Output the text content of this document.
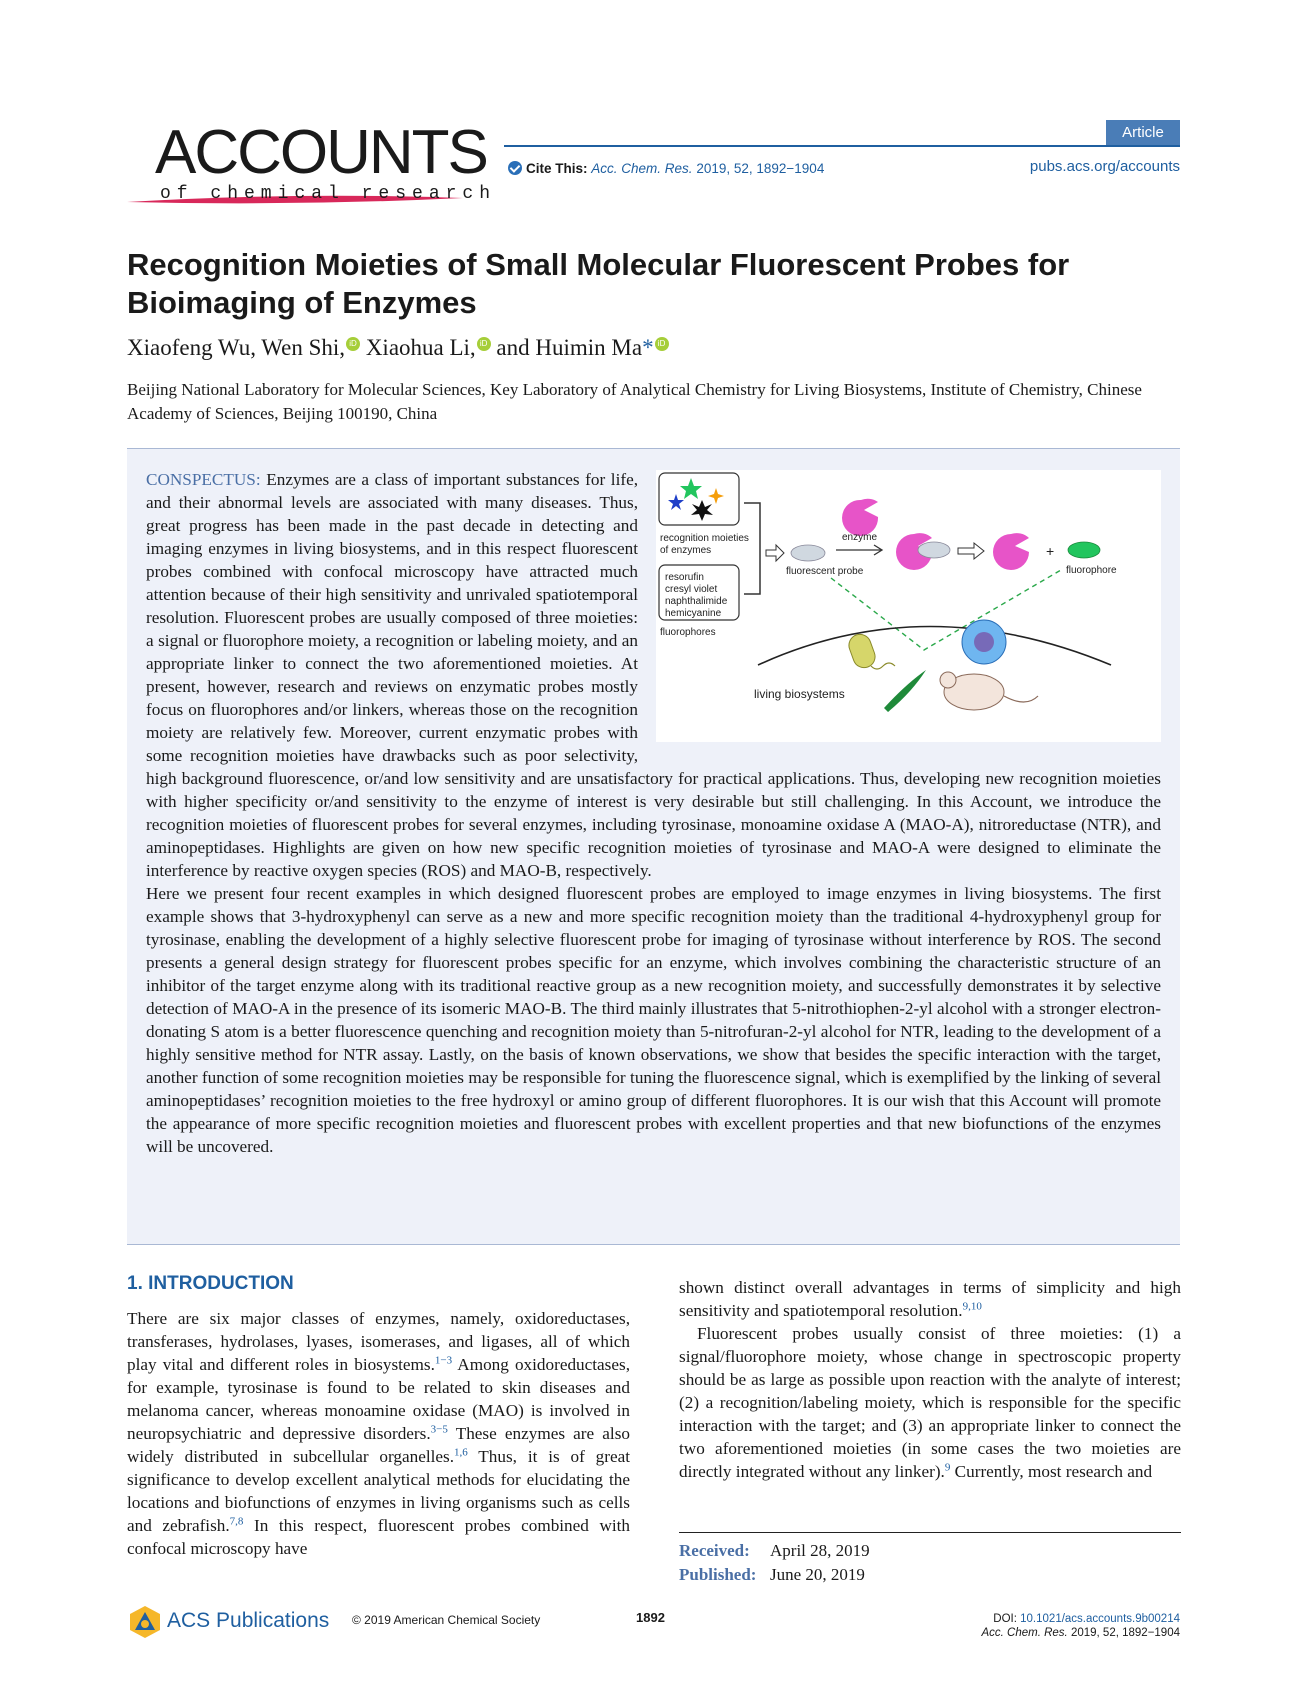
ACCOUNTS
of chemical research
Article
Cite This: Acc. Chem. Res. 2019, 52, 1892−1904	pubs.acs.org/accounts
Recognition Moieties of Small Molecular Fluorescent Probes for Bioimaging of Enzymes
Xiaofeng Wu, Wen Shi, iD Xiaohua Li, iD and Huimin Ma* iD
Beijing National Laboratory for Molecular Sciences, Key Laboratory of Analytical Chemistry for Living Biosystems, Institute of Chemistry, Chinese Academy of Sciences, Beijing 100190, China
recognition moieties
of enzymes
resorufin
cresyl violet
naphthalimide
hemicyanine
fluorophores
fluorescent probe
enzyme
+
fluorophore
living biosystems

CONSPECTUS: Enzymes are a class of important substances for life, and their abnormal levels are associated with many diseases. Thus, great progress has been made in the past decade in detecting and imaging enzymes in living biosystems, and in this respect fluorescent probes combined with confocal microscopy have attracted much attention because of their high sensitivity and unrivaled spatiotemporal resolution. Fluorescent probes are usually composed of three moieties: a signal or fluorophore moiety, a recognition or labeling moiety, and an appropriate linker to connect the two aforementioned moieties. At present, however, research and reviews on enzymatic probes mostly focus on fluorophores and/or linkers, whereas those on the recognition moiety are relatively few. Moreover, current enzymatic probes with some recognition moieties have drawbacks such as poor selectivity, high background fluorescence, or/and low sensitivity and are unsatisfactory for practical applications. Thus, developing new recognition moieties with higher specificity or/and sensitivity to the enzyme of interest is very desirable but still challenging. In this Account, we introduce the recognition moieties of fluorescent probes for several enzymes, including tyrosinase, monoamine oxidase A (MAO-A), nitroreductase (NTR), and aminopeptidases. Highlights are given on how new specific recognition moieties of tyrosinase and MAO-A were designed to eliminate the interference by reactive oxygen species (ROS) and MAO-B, respectively.

Here we present four recent examples in which designed fluorescent probes are employed to image enzymes in living biosystems. The first example shows that 3-hydroxyphenyl can serve as a new and more specific recognition moiety than the traditional 4-hydroxyphenyl group for tyrosinase, enabling the development of a highly selective fluorescent probe for imaging of tyrosinase without interference by ROS. The second presents a general design strategy for fluorescent probes specific for an enzyme, which involves combining the characteristic structure of an inhibitor of the target enzyme along with its traditional reactive group as a new recognition moiety, and successfully demonstrates it by selective detection of MAO-A in the presence of its isomeric MAO-B. The third mainly illustrates that 5-nitrothiophen-2-yl alcohol with a stronger electron-donating S atom is a better fluorescence quenching and recognition moiety than 5-nitrofuran-2-yl alcohol for NTR, leading to the development of a highly sensitive method for NTR assay. Lastly, on the basis of known observations, we show that besides the specific interaction with the target, another function of some recognition moieties may be responsible for tuning the fluorescence signal, which is exemplified by the linking of several aminopeptidases’ recognition moieties to the free hydroxyl or amino group of different fluorophores. It is our wish that this Account will promote the appearance of more specific recognition moieties and fluorescent probes with excellent properties and that new biofunctions of the enzymes will be uncovered.

1. INTRODUCTION

There are six major classes of enzymes, namely, oxidoreductases, transferases, hydrolases, lyases, isomerases, and ligases, all of which play vital and different roles in biosystems.$^{1-3}$ Among oxidoreductases, for example, tyrosinase is found to be related to skin diseases and melanoma cancer, whereas monoamine oxidase (MAO) is involved in neuropsychiatric and depressive disorders.$^{3-5}$ These enzymes are also widely distributed in subcellular organelles.$^{1,6}$ Thus, it is of great significance to develop excellent analytical methods for elucidating the locations and biofunctions of enzymes in living organisms such as cells and zebrafish.$^{7,8}$ In this respect, fluorescent probes combined with confocal microscopy have

shown distinct overall advantages in terms of simplicity and high sensitivity and spatiotemporal resolution.$^{9,10}$

Fluorescent probes usually consist of three moieties: (1) a signal/fluorophore moiety, whose change in spectroscopic property should be as large as possible upon reaction with the analyte of interest; (2) a recognition/labeling moiety, which is responsible for the specific interaction with the target; and (3) an appropriate linker to connect the two aforementioned moieties (in some cases the two moieties are directly integrated without any linker).$^9$ Currently, most research and

Received: April 28, 2019
Published: June 20, 2019
ACS Publications © 2019 American Chemical Society	1892	DOI: 10.1021/acs.accounts.9b00214
Acc. Chem. Res. 2019, 52, 1892−1904
